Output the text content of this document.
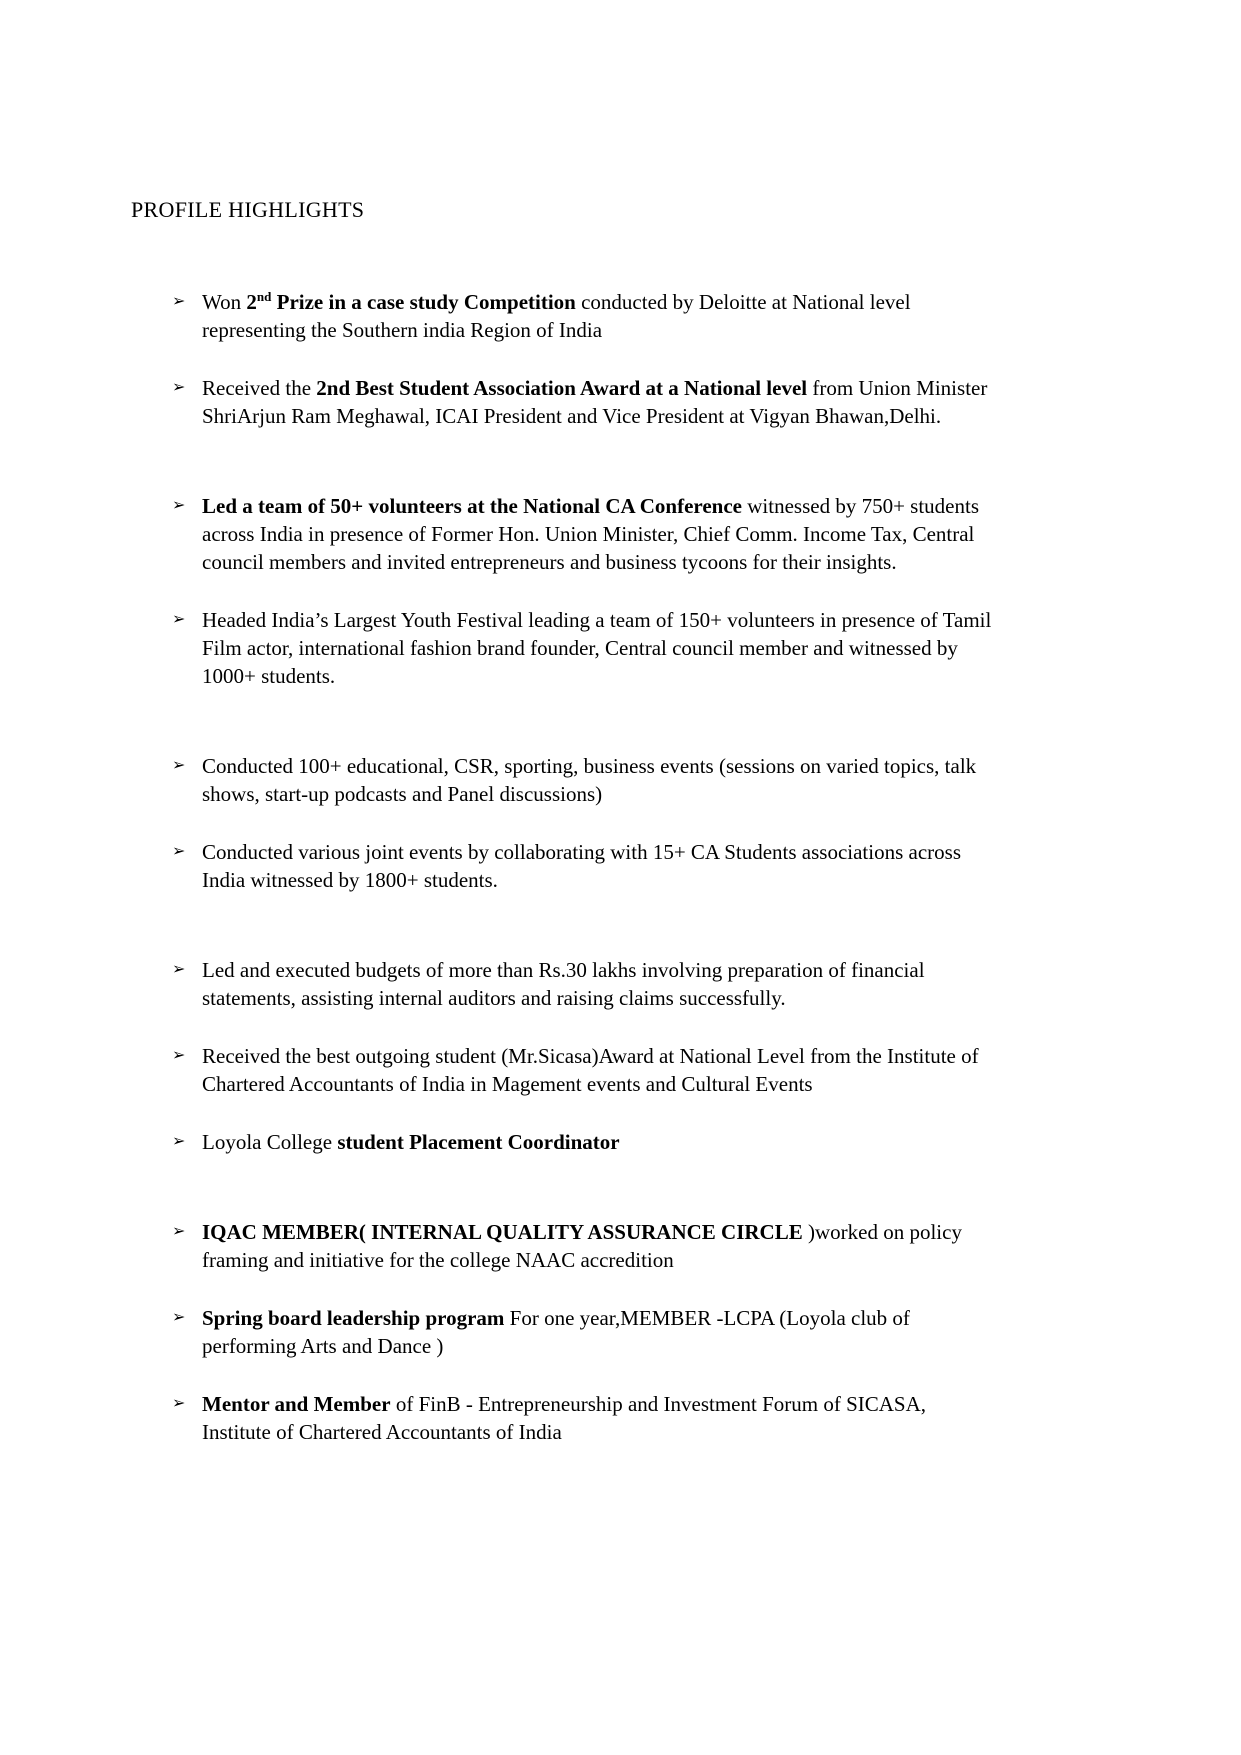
PROFILE HIGHLIGHTS
➢ Won 2nd Prize in a case study Competition conducted by Deloitte at National level representing the Southern india Region of India
➢ Received the 2nd Best Student Association Award at a National level from Union Minister ShriArjun Ram Meghawal, ICAI President and Vice President at Vigyan Bhawan,Delhi.
➢ Led a team of 50+ volunteers at the National CA Conference witnessed by 750+ students across India in presence of Former Hon. Union Minister, Chief Comm. Income Tax, Central council members and invited entrepreneurs and business tycoons for their insights.
➢ Headed India’s Largest Youth Festival leading a team of 150+ volunteers in presence of Tamil Film actor, international fashion brand founder, Central council member and witnessed by 1000+ students.
➢ Conducted 100+ educational, CSR, sporting, business events (sessions on varied topics, talk shows, start-up podcasts and Panel discussions)
➢ Conducted various joint events by collaborating with 15+ CA Students associations across India witnessed by 1800+ students.
➢ Led and executed budgets of more than Rs.30 lakhs involving preparation of financial statements, assisting internal auditors and raising claims successfully.
➢ Received the best outgoing student (Mr.Sicasa)Award at National Level from the Institute of Chartered Accountants of India in Magement events and Cultural Events
➢ Loyola College student Placement Coordinator
➢ IQAC MEMBER( INTERNAL QUALITY ASSURANCE CIRCLE )worked on policy framing and initiative for the college NAAC accredition
➢ Spring board leadership program For one year,MEMBER -LCPA (Loyola club of performing Arts and Dance )
➢ Mentor and Member of FinB - Entrepreneurship and Investment Forum of SICASA, Institute of Chartered Accountants of India
